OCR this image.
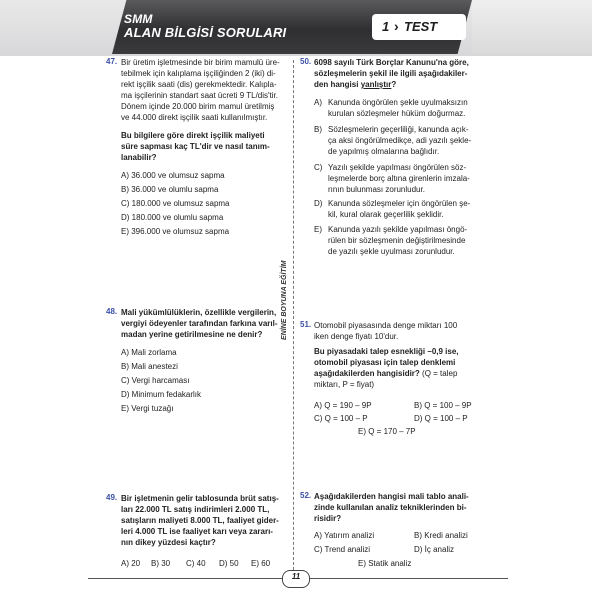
SMM
ALAN BİLGİSİ SORULARI	1 › TEST
ENİNE BOYUNA EĞİTİM
47. Bir üretim işletmesinde bir birim mamulü üre-
tebilmek için kalıplama işçiliğinden 2 (iki) di-
rekt işçilik saati (dis) gerekmektedir. Kalıpla-
ma işçilerinin standart saat ücreti 9 TL/dis'tir.
Dönem içinde 20.000 birim mamul üretilmiş
ve 44.000 direkt işçilik saati kullanılmıştır.
Bu bilgilere göre direkt işçilik maliyeti
süre sapması kaç TL'dir ve nasıl tanım-
lanabilir?
A) 36.000 ve olumsuz sapma
B) 36.000 ve olumlu sapma
C) 180.000 ve olumsuz sapma
D) 180.000 ve olumlu sapma
E) 396.000 ve olumsuz sapma
48. Mali yükümlülüklerin, özellikle vergilerin,
vergiyi ödeyenler tarafından farkına varıl-
madan yerine getirilmesine ne denir?
A) Mali zorlama
B) Mali anestezi
C) Vergi harcaması
D) Minimum fedakarlık
E) Vergi tuzağı
49. Bir işletmenin gelir tablosunda brüt satış-
ları 22.000 TL satış indirimleri 2.000 TL,
satışların maliyeti 8.000 TL, faaliyet gider-
leri 4.000 TL ise faaliyet karı veya zararı-
nın dikey yüzdesi kaçtır?
A) 20 B) 30 C) 40 D) 50 E) 60
50. 6098 sayılı Türk Borçlar Kanunu'na göre,
sözleşmelerin şekil ile ilgili aşağıdakiler-
den hangisi yanlıştır?
A) Kanunda öngörülen şekle uyulmaksızın
kurulan sözleşmeler hüküm doğurmaz.
B) Sözleşmelerin geçerliliği, kanunda açık-
ça aksi öngörülmedikçe, adi yazılı şekle-
de yapılmış olmalarına bağlıdır.
C) Yazılı şekilde yapılması öngörülen söz-
leşmelerde borç altına girenlerin imzala-
rının bulunması zorunludur.
D) Kanunda sözleşmeler için öngörülen şe-
kil, kural olarak geçerlilik şeklidir.
E) Kanunda yazılı şekilde yapılması öngö-
rülen bir sözleşmenin değiştirilmesinde
de yazılı şekle uyulması zorunludur.
51. Otomobil piyasasında denge miktarı 100
iken denge fiyatı 10'dur.
Bu piyasadaki talep esnekliği –0,9 ise,
otomobil piyasası için talep denklemi
aşağıdakilerden hangisidir? (Q = talep
miktarı, P = fiyat)
A) Q = 190 – 9P	B) Q = 100 – 9P
C) Q = 100 – P	D) Q = 100 – P
E) Q = 170 – 7P
52. Aşağıdakilerden hangisi mali tablo anali-
zinde kullanılan analiz tekniklerinden bi-
risidir?
A) Yatırım analizi	B) Kredi analizi
C) Trend analizi	D) İç analiz
E) Statik analiz
11
